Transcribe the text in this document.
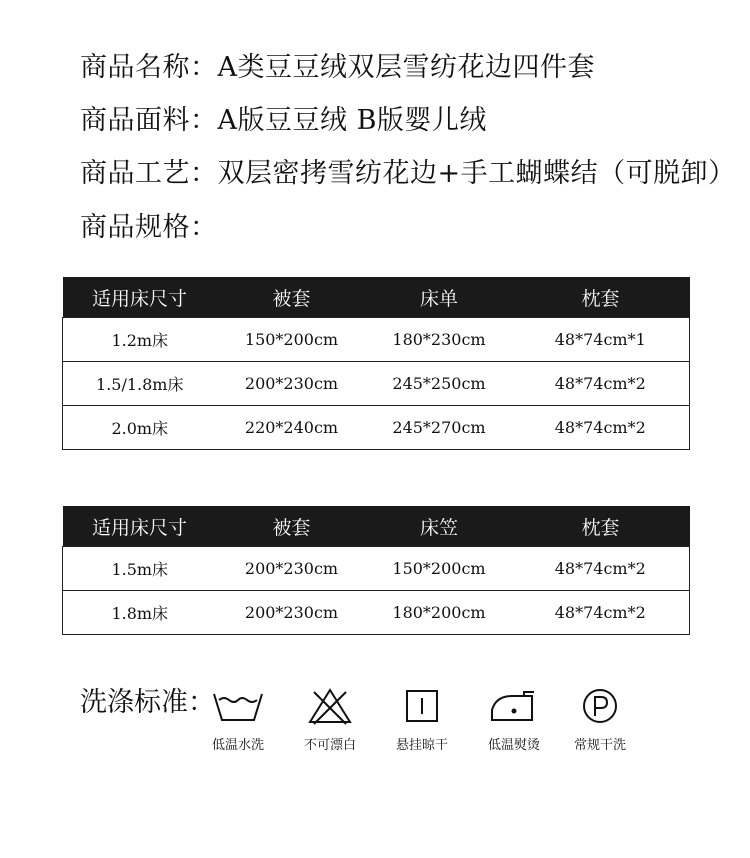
商品名称：A类豆豆绒双层雪纺花边四件套
商品面料：A版豆豆绒 B版婴儿绒
商品工艺：双层密拷雪纺花边+手工蝴蝶结（可脱卸）
商品规格：
适用床尺寸	被套	床单	枕套
1.2m床	150*200cm	180*230cm	48*74cm*1
1.5/1.8m床	200*230cm	245*250cm	48*74cm*2
2.0m床	220*240cm	245*270cm	48*74cm*2
适用床尺寸	被套	床笠	枕套
1.5m床	200*230cm	150*200cm	48*74cm*2
1.8m床	200*230cm	180*200cm	48*74cm*2
洗涤标准：
低温水洗	不可漂白	悬挂晾干	低温熨烫	常规干洗
